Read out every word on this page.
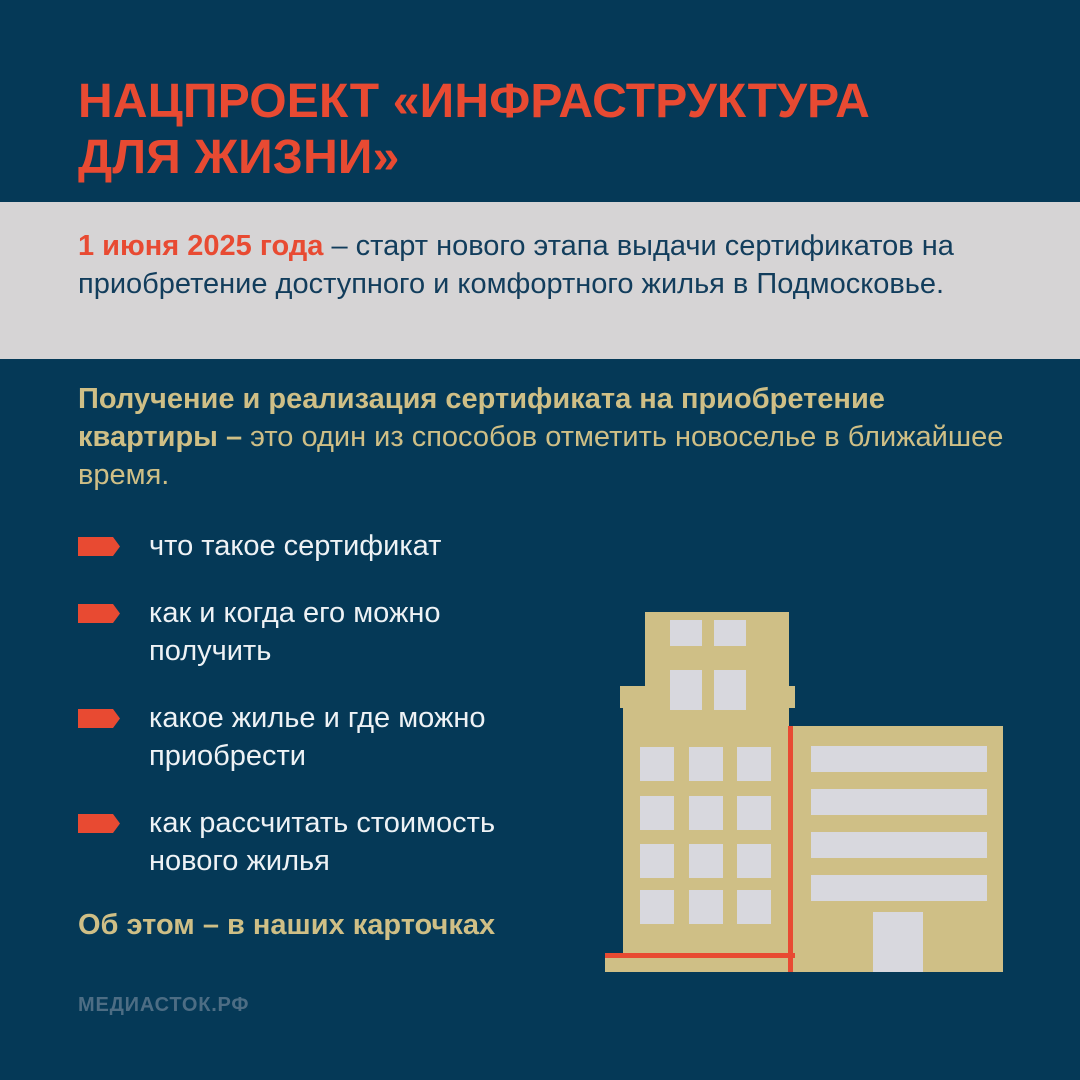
НАЦПРОЕКТ «ИНФРАСТРУКТУРА
ДЛЯ ЖИЗНИ»
1 июня 2025 года – старт нового этапа выдачи сертификатов на приобретение доступного и комфортного жилья в Подмосковье.
Получение и реализация сертификата на приобретение квартиры – это один из способов отметить новоселье в ближайшее время.
что такое сертификат
как и когда его можно
получить
какое жилье и где можно
приобрести
как рассчитать стоимость
нового жилья
Об этом – в наших карточках
МЕДИАСТОК.РФ
